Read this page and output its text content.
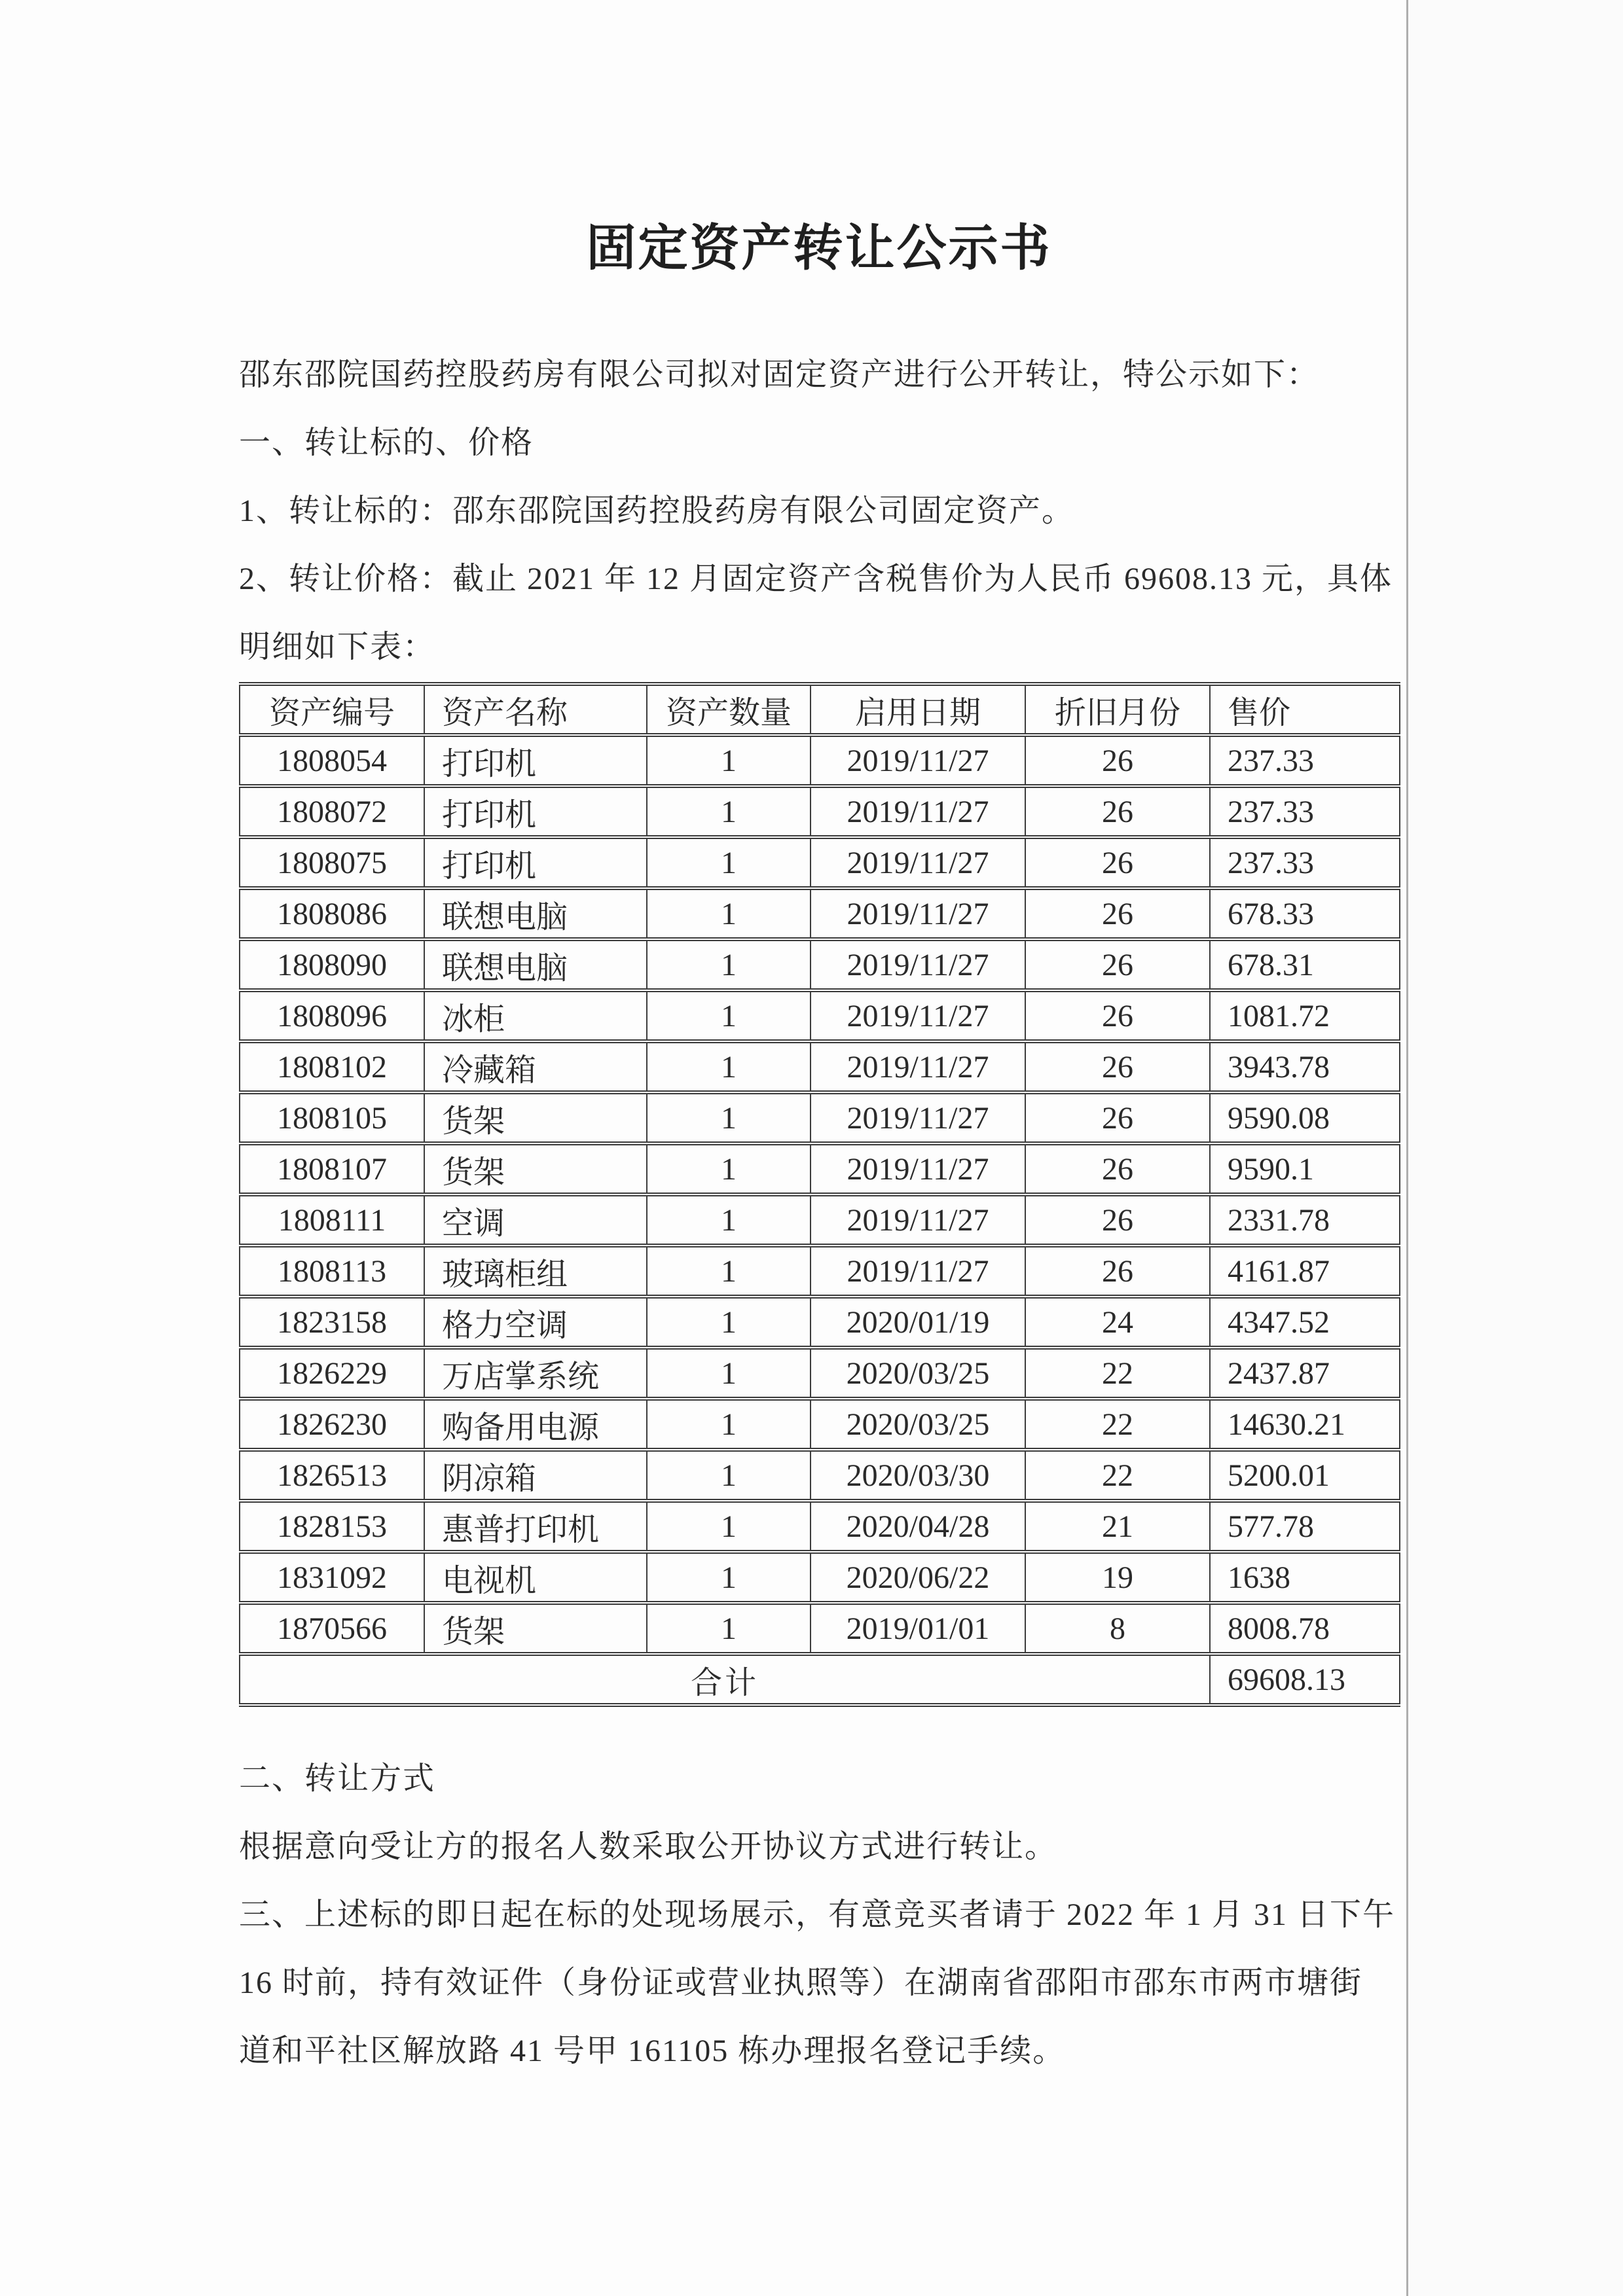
固定资产转让公示书
邵东邵院国药控股药房有限公司拟对固定资产进行公开转让，特公示如下：
一、转让标的、价格
1、转让标的：邵东邵院国药控股药房有限公司固定资产。
2、转让价格：截止 2021 年 12 月固定资产含税售价为人民币 69608.13 元，具体
明细如下表：
资产编号	资产名称	资产数量	启用日期	折旧月份	售价
1808054	打印机	1	2019/11/27	26	237.33
1808072	打印机	1	2019/11/27	26	237.33
1808075	打印机	1	2019/11/27	26	237.33
1808086	联想电脑	1	2019/11/27	26	678.33
1808090	联想电脑	1	2019/11/27	26	678.31
1808096	冰柜	1	2019/11/27	26	1081.72
1808102	冷藏箱	1	2019/11/27	26	3943.78
1808105	货架	1	2019/11/27	26	9590.08
1808107	货架	1	2019/11/27	26	9590.1
1808111	空调	1	2019/11/27	26	2331.78
1808113	玻璃柜组	1	2019/11/27	26	4161.87
1823158	格力空调	1	2020/01/19	24	4347.52
1826229	万店掌系统	1	2020/03/25	22	2437.87
1826230	购备用电源	1	2020/03/25	22	14630.21
1826513	阴凉箱	1	2020/03/30	22	5200.01
1828153	惠普打印机	1	2020/04/28	21	577.78
1831092	电视机	1	2020/06/22	19	1638
1870566	货架	1	2019/01/01	8	8008.78
合计					69608.13
二、转让方式
根据意向受让方的报名人数采取公开协议方式进行转让。
三、上述标的即日起在标的处现场展示，有意竞买者请于 2022 年 1 月 31 日下午
16 时前，持有效证件（身份证或营业执照等）在湖南省邵阳市邵东市两市塘街
道和平社区解放路 41 号甲 161105 栋办理报名登记手续。
